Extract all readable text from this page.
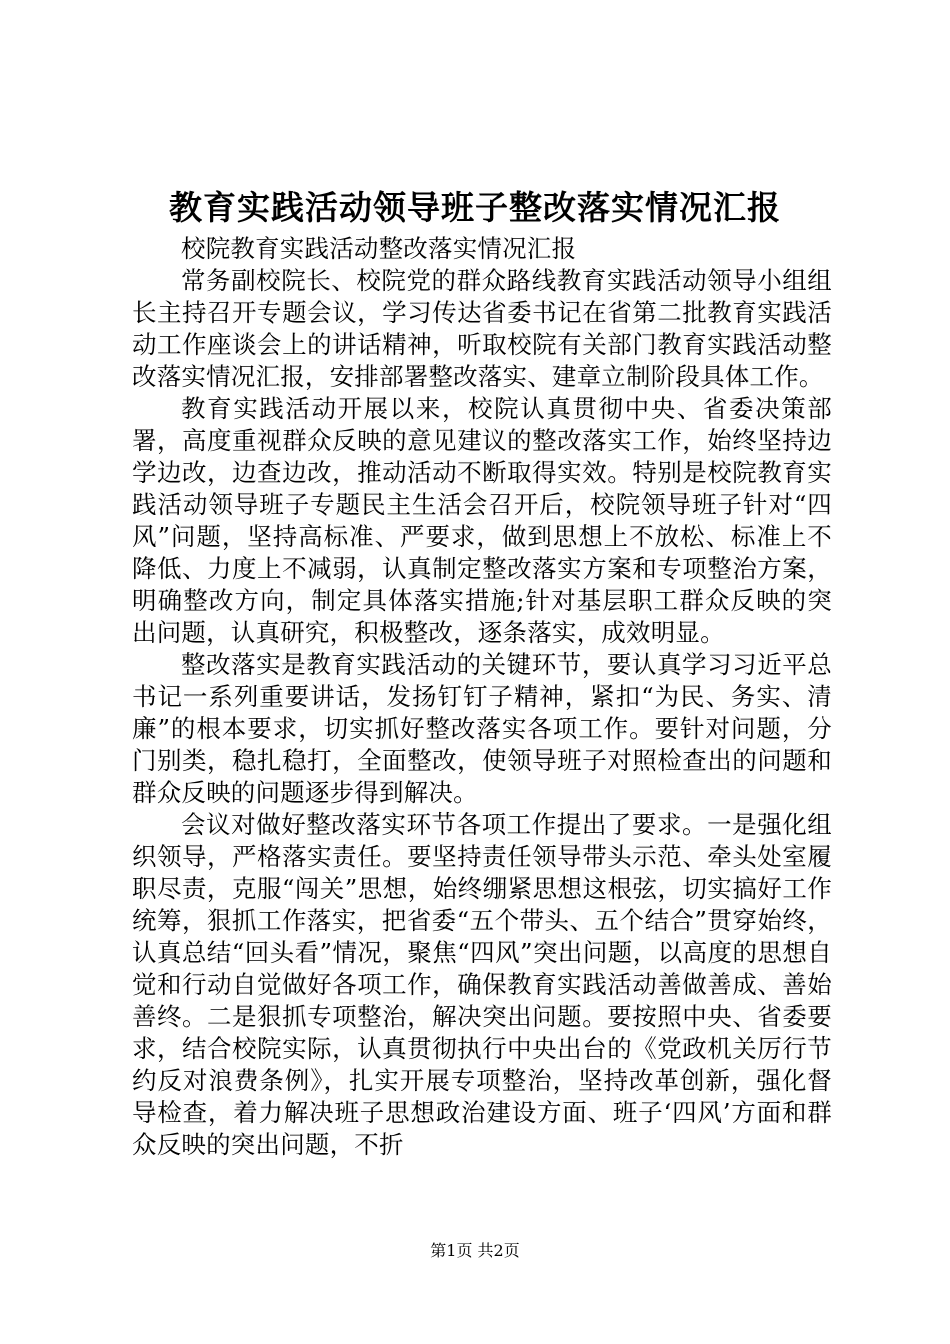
教育实践活动领导班子整改落实情况汇报

校院教育实践活动整改落实情况汇报

常务副校院长、校院党的群众路线教育实践活动领导小组组长主持召开专题会议，学习传达省委书记在省第二批教育实践活动工作座谈会上的讲话精神，听取校院有关部门教育实践活动整改落实情况汇报，安排部署整改落实、建章立制阶段具体工作。

教育实践活动开展以来，校院认真贯彻中央、省委决策部署，高度重视群众反映的意见建议的整改落实工作，始终坚持边学边改，边查边改，推动活动不断取得实效。特别是校院教育实践活动领导班子专题民主生活会召开后，校院领导班子针对“四风”问题，坚持高标准、严要求，做到思想上不放松、标准上不降低、力度上不减弱，认真制定整改落实方案和专项整治方案，明确整改方向，制定具体落实措施;针对基层职工群众反映的突出问题，认真研究，积极整改，逐条落实，成效明显。

整改落实是教育实践活动的关键环节，要认真学习习近平总书记一系列重要讲话，发扬钉钉子精神，紧扣“为民、务实、清廉”的根本要求，切实抓好整改落实各项工作。要针对问题，分门别类，稳扎稳打，全面整改，使领导班子对照检查出的问题和群众反映的问题逐步得到解决。

会议对做好整改落实环节各项工作提出了要求。一是强化组织领导，严格落实责任。要坚持责任领导带头示范、牵头处室履职尽责，克服“闯关”思想，始终绷紧思想这根弦，切实搞好工作统筹，狠抓工作落实，把省委“五个带头、五个结合”贯穿始终，认真总结“回头看”情况，聚焦“四风”突出问题，以高度的思想自觉和行动自觉做好各项工作，确保教育实践活动善做善成、善始善终。二是狠抓专项整治，解决突出问题。要按照中央、省委要求，结合校院实际，认真贯彻执行中央出台的《党政机关厉行节约反对浪费条例》，扎实开展专项整治，坚持改革创新，强化督导检查，着力解决班子思想政治建设方面、班子‘四风’方面和群众反映的突出问题，不折

第1页 共2页
